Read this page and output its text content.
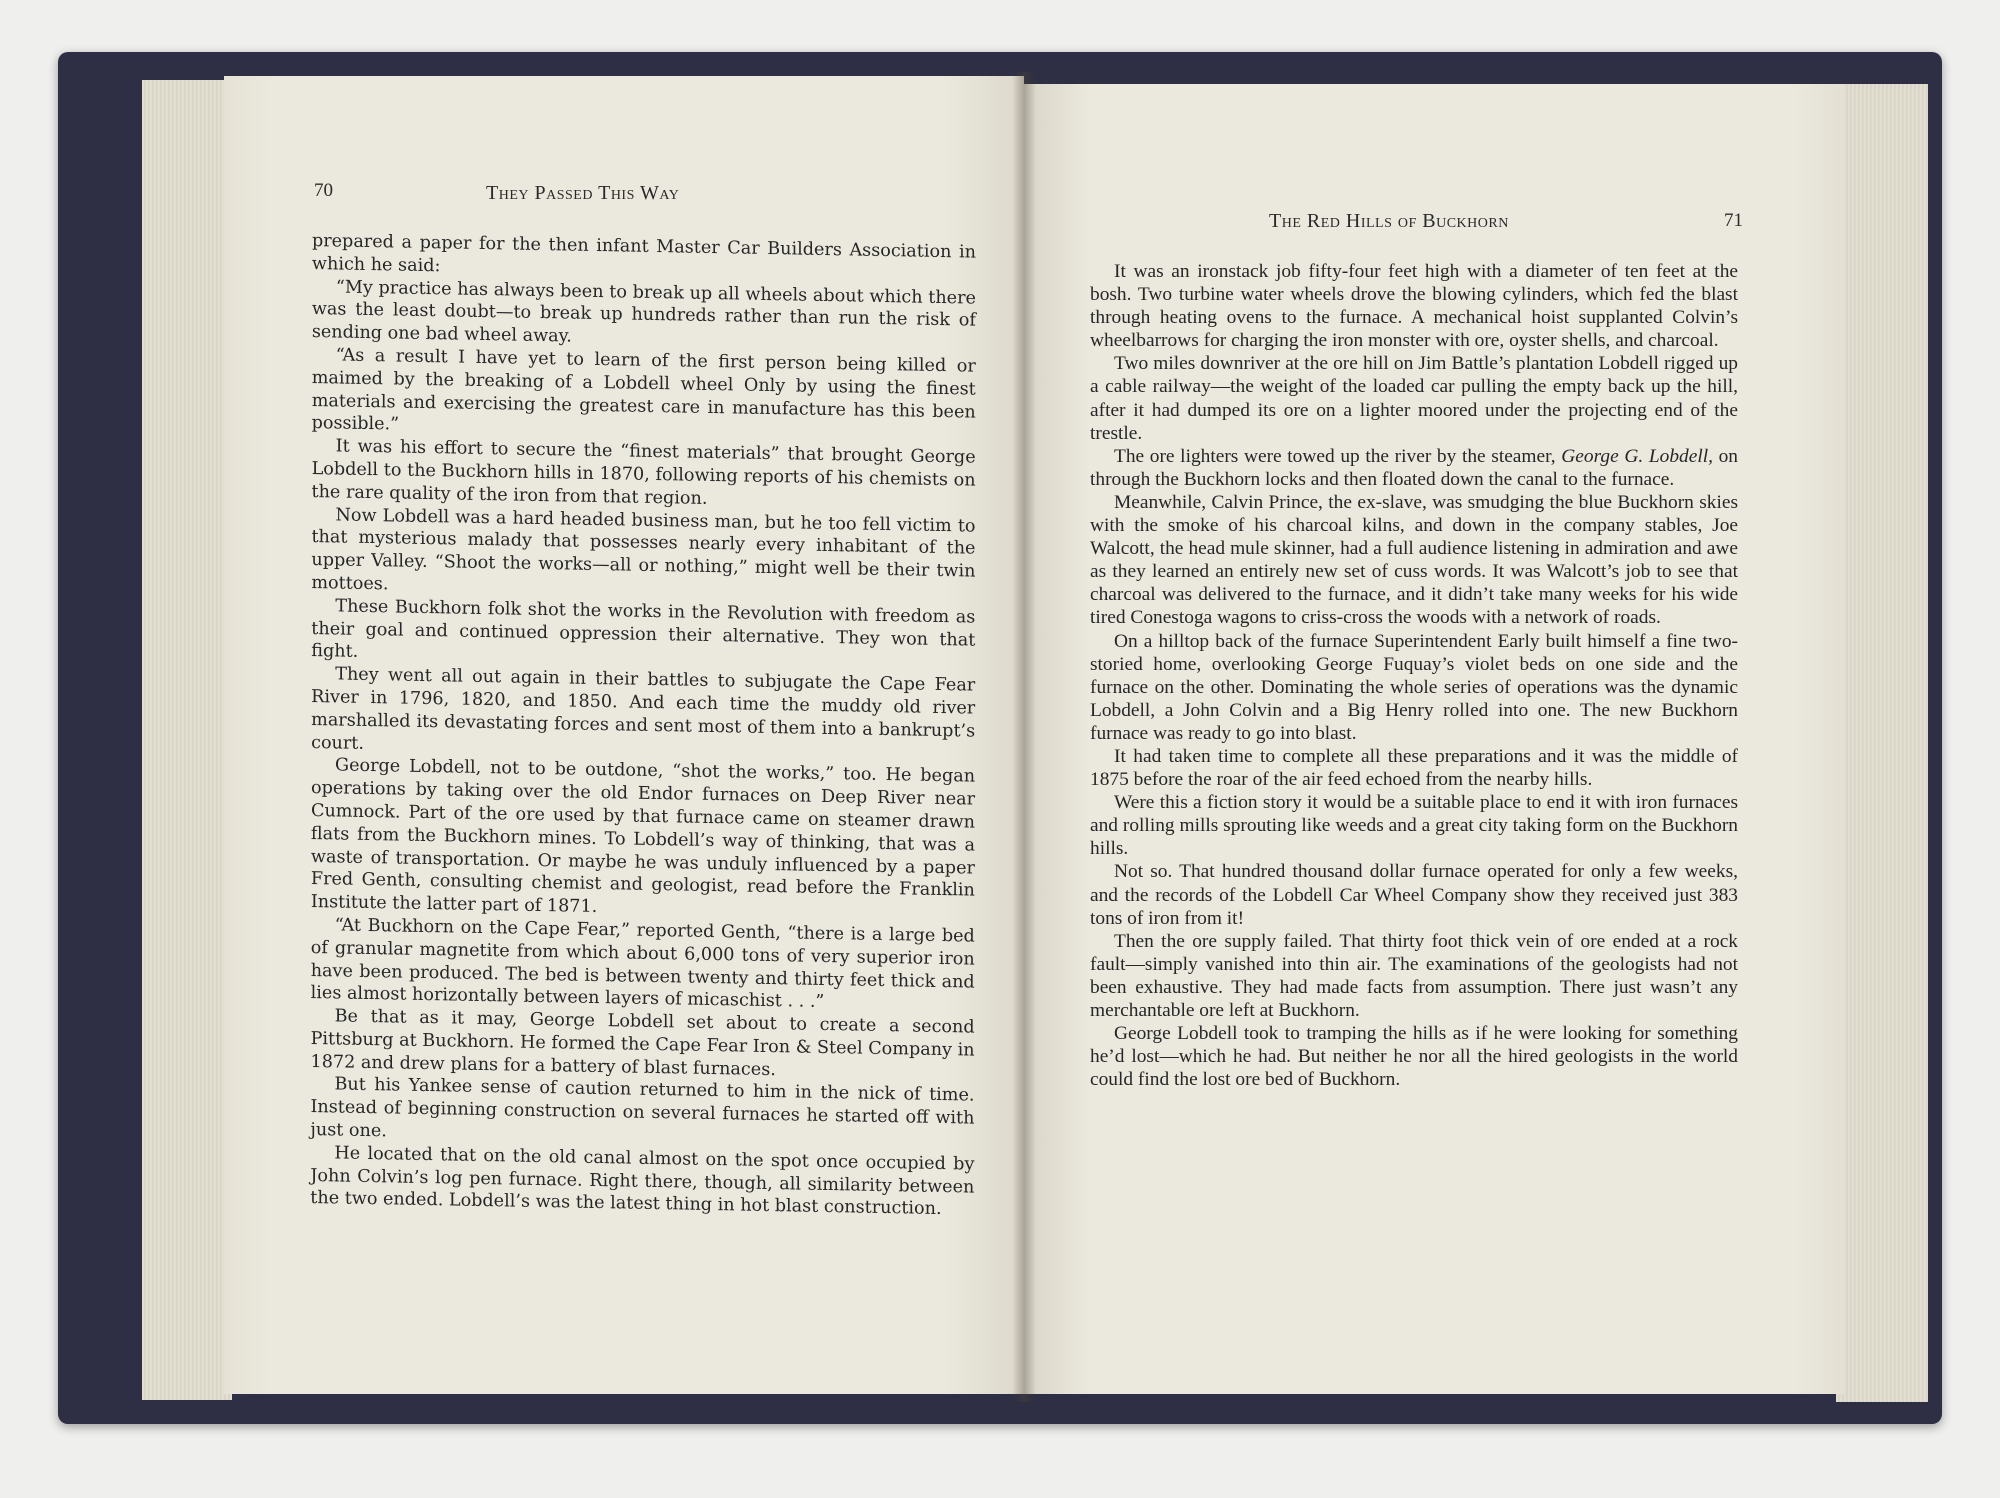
70	They Passed This Way

prepared a paper for the then infant Master Car Builders Association in which he said:

“My practice has always been to break up all wheels about which there was the least doubt—to break up hundreds rather than run the risk of sending one bad wheel away.

“As a result I have yet to learn of the first person being killed or maimed by the breaking of a Lobdell wheel Only by using the finest materials and exercising the greatest care in manufacture has this been possible.”

It was his effort to secure the “finest materials” that brought George Lobdell to the Buckhorn hills in 1870, following reports of his chemists on the rare quality of the iron from that region.

Now Lobdell was a hard headed business man, but he too fell victim to that mysterious malady that possesses nearly every inhabitant of the upper Valley. “Shoot the works—all or nothing,” might well be their twin mottoes.

These Buckhorn folk shot the works in the Revolution with freedom as their goal and continued oppression their alternative. They won that fight.

They went all out again in their battles to subjugate the Cape Fear River in 1796, 1820, and 1850. And each time the muddy old river marshalled its devastating forces and sent most of them into a bankrupt’s court.

George Lobdell, not to be outdone, “shot the works,” too. He began operations by taking over the old Endor furnaces on Deep River near Cumnock. Part of the ore used by that furnace came on steamer drawn flats from the Buckhorn mines. To Lobdell’s way of thinking, that was a waste of transportation. Or maybe he was unduly influenced by a paper Fred Genth, consulting chemist and geologist, read before the Franklin Institute the latter part of 1871.

“At Buckhorn on the Cape Fear,” reported Genth, “there is a large bed of granular magnetite from which about 6,000 tons of very superior iron have been produced. The bed is between twenty and thirty feet thick and lies almost horizontally between layers of micaschist . . .”

Be that as it may, George Lobdell set about to create a second Pittsburg at Buckhorn. He formed the Cape Fear Iron & Steel Company in 1872 and drew plans for a battery of blast furnaces.

But his Yankee sense of caution returned to him in the nick of time. Instead of beginning construction on several furnaces he started off with just one.

He located that on the old canal almost on the spot once occupied by John Colvin’s log pen furnace. Right there, though, all similarity between the two ended. Lobdell’s was the latest thing in hot blast construction.

The Red Hills of Buckhorn	71

It was an ironstack job fifty-four feet high with a diameter of ten feet at the bosh. Two turbine water wheels drove the blowing cylinders, which fed the blast through heating ovens to the furnace. A mechanical hoist supplanted Colvin’s wheelbarrows for charging the iron monster with ore, oyster shells, and charcoal.

Two miles downriver at the ore hill on Jim Battle’s plantation Lobdell rigged up a cable railway—the weight of the loaded car pulling the empty back up the hill, after it had dumped its ore on a lighter moored under the projecting end of the trestle.

The ore lighters were towed up the river by the steamer, George G. Lobdell, on through the Buckhorn locks and then floated down the canal to the furnace.

Meanwhile, Calvin Prince, the ex-slave, was smudging the blue Buckhorn skies with the smoke of his charcoal kilns, and down in the company stables, Joe Walcott, the head mule skinner, had a full audience listening in admiration and awe as they learned an entirely new set of cuss words. It was Walcott’s job to see that charcoal was delivered to the furnace, and it didn’t take many weeks for his wide tired Conestoga wagons to criss-cross the woods with a network of roads.

On a hilltop back of the furnace Superintendent Early built himself a fine two-storied home, overlooking George Fuquay’s violet beds on one side and the furnace on the other. Dominating the whole series of operations was the dynamic Lobdell, a John Colvin and a Big Henry rolled into one. The new Buckhorn furnace was ready to go into blast.

It had taken time to complete all these preparations and it was the middle of 1875 before the roar of the air feed echoed from the nearby hills.

Were this a fiction story it would be a suitable place to end it with iron furnaces and rolling mills sprouting like weeds and a great city taking form on the Buckhorn hills.

Not so. That hundred thousand dollar furnace operated for only a few weeks, and the records of the Lobdell Car Wheel Company show they received just 383 tons of iron from it!

Then the ore supply failed. That thirty foot thick vein of ore ended at a rock fault—simply vanished into thin air. The examinations of the geologists had not been exhaustive. They had made facts from assumption. There just wasn’t any merchantable ore left at Buckhorn.

George Lobdell took to tramping the hills as if he were looking for something he’d lost—which he had. But neither he nor all the hired geologists in the world could find the lost ore bed of Buckhorn.
